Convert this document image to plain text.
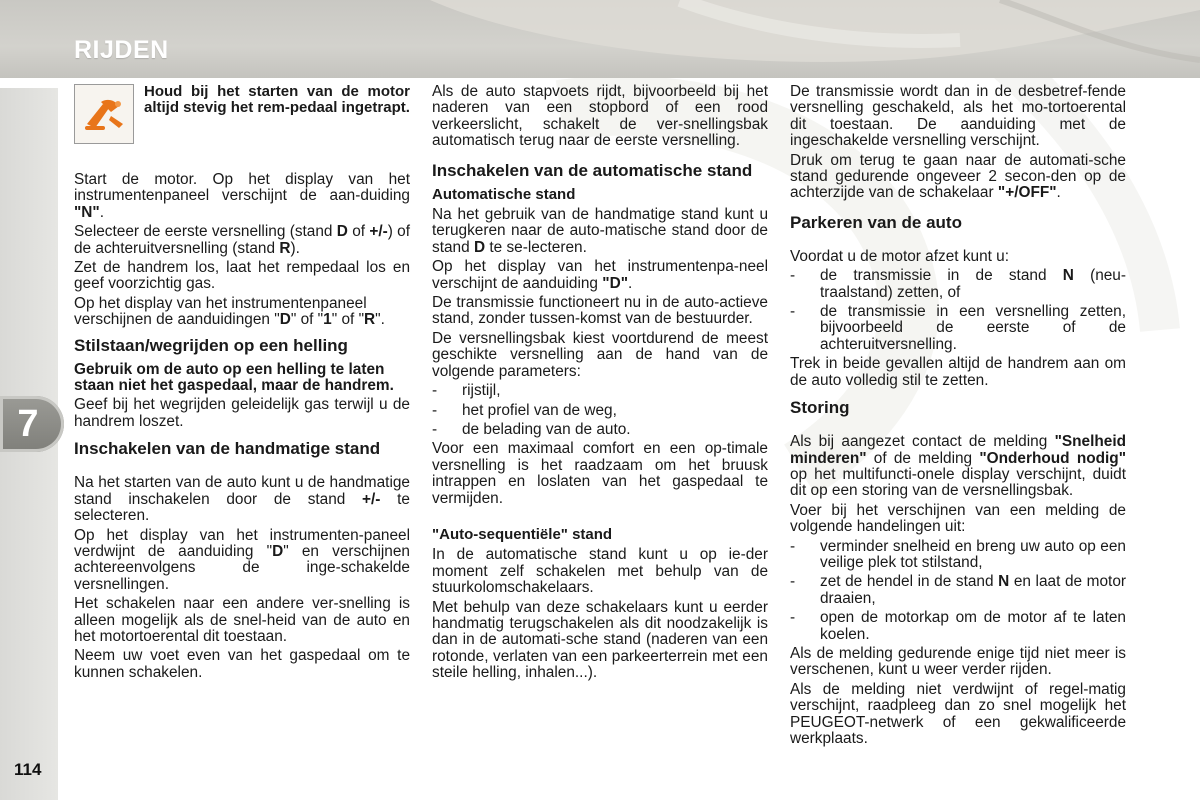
RIJDEN
7
114
Houd bij het starten van de motor altijd stevig het rem-pedaal ingetrapt.

Start de motor. Op het display van het instrumentenpaneel verschijnt de aan-duiding "N".

Selecteer de eerste versnelling (stand D of +/-) of de achteruitversnelling (stand R).

Zet de handrem los, laat het rempedaal los en geef voorzichtig gas.

Op het display van het instrumentenpaneel verschijnen de aanduidingen "D" of "1" of "R".

Stilstaan/wegrijden op een helling

Gebruik om de auto op een helling te laten staan niet het gaspedaal, maar de handrem.

Geef bij het wegrijden geleidelijk gas terwijl u de handrem loszet.

Inschakelen van de handmatige stand

Na het starten van de auto kunt u de handmatige stand inschakelen door de stand +/- te selecteren.

Op het display van het instrumenten-paneel verdwijnt de aanduiding "D" en verschijnen achtereenvolgens de inge-schakelde versnellingen.

Het schakelen naar een andere ver-snelling is alleen mogelijk als de snel-heid van de auto en het motortoerental dit toestaan.

Neem uw voet even van het gaspedaal om te kunnen schakelen.

Als de auto stapvoets rijdt, bijvoorbeeld bij het naderen van een stopbord of een rood verkeerslicht, schakelt de ver-snellingsbak automatisch terug naar de eerste versnelling.

Inschakelen van de automatische stand
Automatische stand

Na het gebruik van de handmatige stand kunt u terugkeren naar de auto-matische stand door de stand D te se-lecteren.

Op het display van het instrumentenpa-neel verschijnt de aanduiding "D".

De transmissie functioneert nu in de auto-actieve stand, zonder tussen-komst van de bestuurder.

De versnellingsbak kiest voortdurend de meest geschikte versnelling aan de hand van de volgende parameters:

-	rijstijl,
-	het profiel van de weg,
-	de belading van de auto.

Voor een maximaal comfort en een op-timale versnelling is het raadzaam om het bruusk intrappen en loslaten van het gaspedaal te vermijden.

"Auto-sequentiële" stand

In de automatische stand kunt u op ie-der moment zelf schakelen met behulp van de stuurkolomschakelaars.

Met behulp van deze schakelaars kunt u eerder handmatig terugschakelen als dit noodzakelijk is dan in de automati-sche stand (naderen van een rotonde, verlaten van een parkeerterrein met een steile helling, inhalen...).

De transmissie wordt dan in de desbetref-fende versnelling geschakeld, als het mo-tortoerental dit toestaan. De aanduiding met de ingeschakelde versnelling verschijnt.

Druk om terug te gaan naar de automati-sche stand gedurende ongeveer 2 secon-den op de achterzijde van de schakelaar "+/OFF".

Parkeren van de auto

Voordat u de motor afzet kunt u:

-	de transmissie in de stand N (neu-traalstand) zetten, of
-	de transmissie in een versnelling zetten, bijvoorbeeld de eerste of de achteruitversnelling.

Trek in beide gevallen altijd de handrem aan om de auto volledig stil te zetten.

Storing

Als bij aangezet contact de melding "Snelheid minderen" of de melding "Onderhoud nodig" op het multifuncti-onele display verschijnt, duidt dit op een storing van de versnellingsbak.

Voer bij het verschijnen van een melding de volgende handelingen uit:

-	verminder snelheid en breng uw auto op een veilige plek tot stilstand,
-	zet de hendel in de stand N en laat de motor draaien,
-	open de motorkap om de motor af te laten koelen.

Als de melding gedurende enige tijd niet meer is verschenen, kunt u weer verder rijden.

Als de melding niet verdwijnt of regel-matig verschijnt, raadpleeg dan zo snel mogelijk het PEUGEOT-netwerk of een gekwalificeerde werkplaats.
